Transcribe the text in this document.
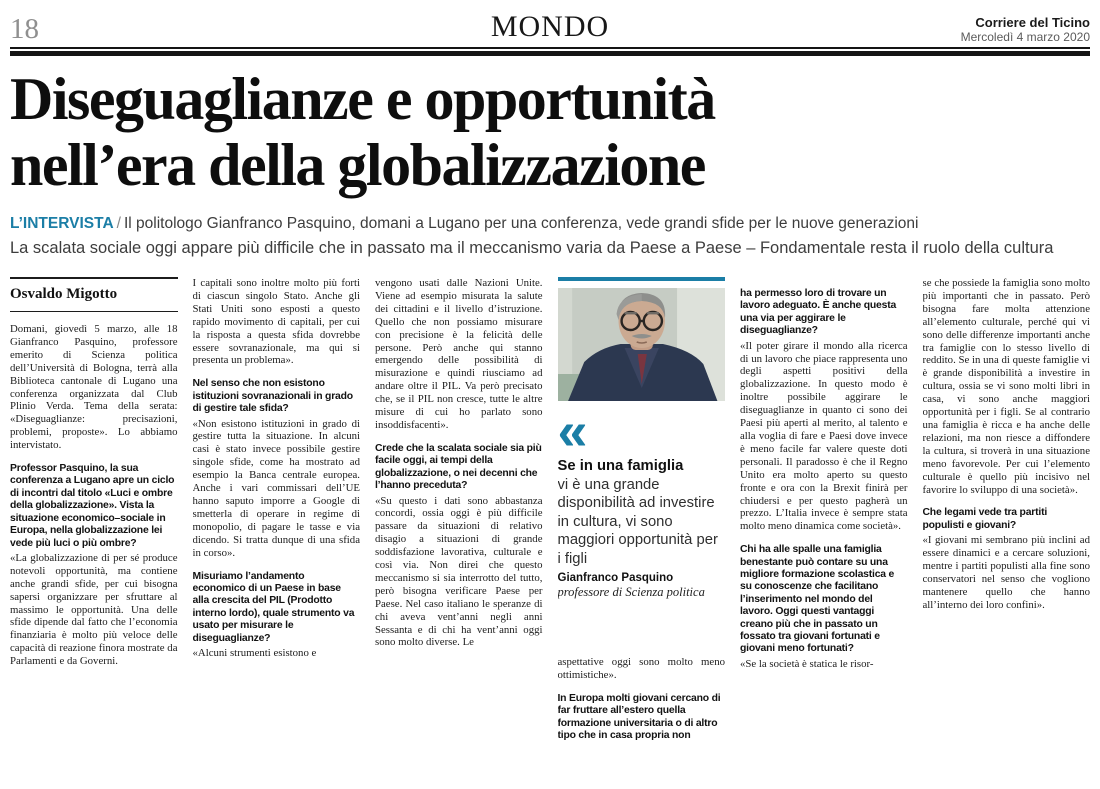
18	MONDO	Corriere del Ticino
Mercoledì 4 marzo 2020
Diseguaglianze e opportunità
nell’era della globalizzazione
L’INTERVISTA / Il politologo Gianfranco Pasquino, domani a Lugano per una conferenza, vede grandi sfide per le nuove generazioni
La scalata sociale oggi appare più difficile che in passato ma il meccanismo varia da Paese a Paese – Fondamentale resta il ruolo della cultura
Osvaldo Migotto

Domani, giovedì 5 marzo, alle 18 Gianfranco Pasquino, professore emerito di Scienza politica dell’Università di Bologna, terrà alla Biblioteca cantonale di Lugano una conferenza organizzata dal Club Plinio Verda. Tema della serata: «Diseguaglianze: precisazioni, problemi, proposte». Lo abbiamo intervistato.

Professor Pasquino, la sua conferenza a Lugano apre un ciclo di incontri dal titolo «Luci e ombre della globalizzazione». Vista la situazione economico–sociale in Europa, nella globalizzazione lei vede più luci o più ombre?

«La globalizzazione di per sé produce notevoli opportunità, ma contiene anche grandi sfide, per cui bisogna sapersi organizzare per sfruttare al massimo le opportunità. Una delle sfide dipende dal fatto che l’economia finanziaria è molto più veloce delle capacità di reazione finora mostrate da Parlamenti e da Governi.

I capitali sono inoltre molto più forti di ciascun singolo Stato. Anche gli Stati Uniti sono esposti a questo rapido movimento di capitali, per cui la risposta a questa sfida dovrebbe essere sovranazionale, ma qui si presenta un problema».

Nel senso che non esistono istituzioni sovranazionali in grado di gestire tale sfida?

«Non esistono istituzioni in grado di gestire tutta la situazione. In alcuni casi è stato invece possibile gestire singole sfide, come ha mostrato ad esempio la Banca centrale europea. Anche i vari commissari dell’UE hanno saputo imporre a Google di smetterla di operare in regime di monopolio, di pagare le tasse e via dicendo. Si tratta dunque di una sfida in corso».

Misuriamo l’andamento economico di un Paese in base alla crescita del PIL (Prodotto interno lordo), quale strumento va usato per misurare le diseguaglianze?

«Alcuni strumenti esistono e

vengono usati dalle Nazioni Unite. Viene ad esempio misurata la salute dei cittadini e il livello d’istruzione. Quello che non possiamo misurare con precisione è la felicità delle persone. Però anche qui stanno emergendo delle possibilità di misurazione e quindi riusciamo ad andare oltre il PIL. Va però precisato che, se il PIL non cresce, tutte le altre misure di cui ho parlato sono insoddisfacenti».

Crede che la scalata sociale sia più facile oggi, ai tempi della globalizzazione, o nei decenni che l’hanno preceduta?

«Su questo i dati sono abbastanza concordi, ossia oggi è più difficile passare da situazioni di relativo disagio a situazioni di grande soddisfazione lavorativa, culturale e così via. Non direi che questo meccanismo si sia interrotto del tutto, però bisogna verificare Paese per Paese. Nel caso italiano le speranze di chi aveva vent’anni negli anni Sessanta e di chi ha vent’anni oggi sono molto diverse. Le

«
Se in una famiglia
vi è una grande disponibilità ad investire in cultura, vi sono maggiori opportunità per i figli
Gianfranco Pasquino
professore di Scienza politica

aspettative oggi sono molto meno ottimistiche».

In Europa molti giovani cercano di far fruttare all’estero quella formazione universitaria o di altro tipo che in casa propria non

ha permesso loro di trovare un lavoro adeguato. È anche questa una via per aggirare le diseguaglianze?

«Il poter girare il mondo alla ricerca di un lavoro che piace rappresenta uno degli aspetti positivi della globalizzazione. In questo modo è inoltre possibile aggirare le diseguaglianze in quanto ci sono dei Paesi più aperti al merito, al talento e alla voglia di fare e Paesi dove invece è meno facile far valere queste doti personali. Il paradosso è che il Regno Unito era molto aperto su questo fronte e ora con la Brexit finirà per chiudersi e per questo pagherà un prezzo. L’Italia invece è sempre stata molto meno dinamica come società».

Chi ha alle spalle una famiglia benestante può contare su una migliore formazione scolastica e su conoscenze che facilitano l’inserimento nel mondo del lavoro. Oggi questi vantaggi creano più che in passato un fossato tra giovani fortunati e giovani meno fortunati?

«Se la società è statica le risor-

se che possiede la famiglia sono molto più importanti che in passato. Però bisogna fare molta attenzione all’elemento culturale, perché qui vi sono delle differenze importanti anche tra famiglie con lo stesso livello di reddito. Se in una di queste famiglie vi è grande disponibilità a investire in cultura, ossia se vi sono molti libri in casa, vi sono anche maggiori opportunità per i figli. Se al contrario una famiglia è ricca e ha anche delle relazioni, ma non riesce a diffondere la cultura, si troverà in una situazione meno favorevole. Per cui l’elemento culturale è quello più incisivo nel favorire lo sviluppo di una società».

Che legami vede tra partiti populisti e giovani?

«I giovani mi sembrano più inclini ad essere dinamici e a cercare soluzioni, mentre i partiti populisti alla fine sono conservatori nel senso che vogliono mantenere quello che hanno all’interno dei loro confini».
